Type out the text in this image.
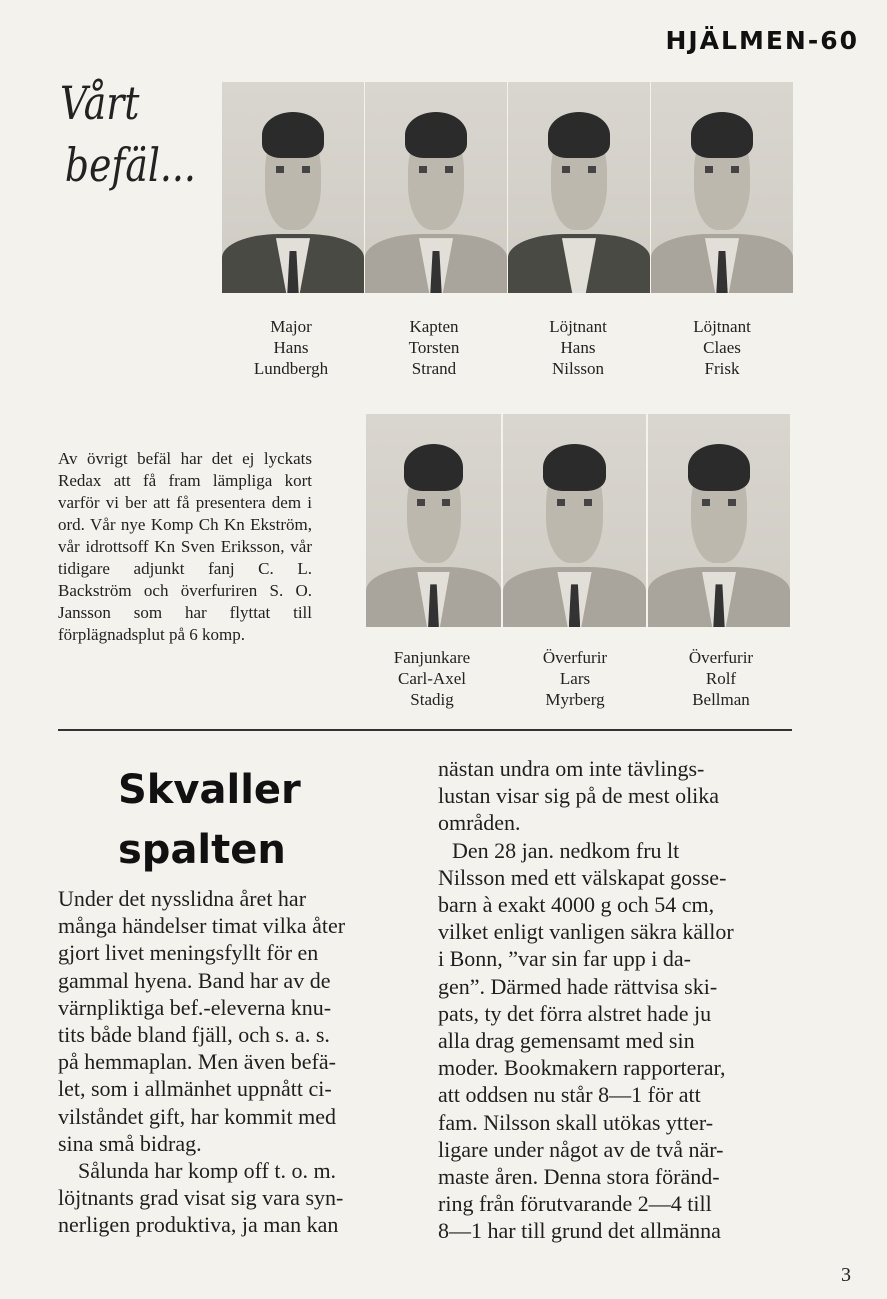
HJÄLMEN-60
Vårt
befäl...
Major
Hans
Lundbergh
Kapten
Torsten
Strand
Löjtnant
Hans
Nilsson
Löjtnant
Claes
Frisk
Av övrigt befäl har det ej lyckats Redax att få fram lämpliga kort varför vi ber att få presentera dem i ord. Vår nye Komp Ch Kn Ekström, vår idrottsoff Kn Sven Eriksson, vår tidigare adjunkt fanj C. L. Backström och överfuriren S. O. Jansson som har flyttat till förplägnadsplut på 6 komp.
Fanjunkare
Carl-Axel
Stadig
Överfurir
Lars
Myrberg
Överfurir
Rolf
Bellman
Skvaller
spalten
Under det nysslidna året har
många händelser timat vilka åter
gjort livet meningsfyllt för en
gammal hyena. Band har av de
värnpliktiga bef.-eleverna knu-
tits både bland fjäll, och s. a. s.
på hemmaplan. Men även befä-
let, som i allmänhet uppnått ci-
vilståndet gift, har kommit med
sina små bidrag.
Sålunda har komp off t. o. m.
löjtnants grad visat sig vara syn-
nerligen produktiva, ja man kan
nästan undra om inte tävlings-
lustan visar sig på de mest olika
områden.
Den 28 jan. nedkom fru lt
Nilsson med ett välskapat gosse-
barn à exakt 4000 g och 54 cm,
vilket enligt vanligen säkra källor
i Bonn, ”var sin far upp i da-
gen”. Därmed hade rättvisa ski-
pats, ty det förra alstret hade ju
alla drag gemensamt med sin
moder. Bookmakern rapporterar,
att oddsen nu står 8—1 för att
fam. Nilsson skall utökas ytter-
ligare under något av de två när-
maste åren. Denna stora föränd-
ring från förutvarande 2—4 till
8—1 har till grund det allmänna
3
